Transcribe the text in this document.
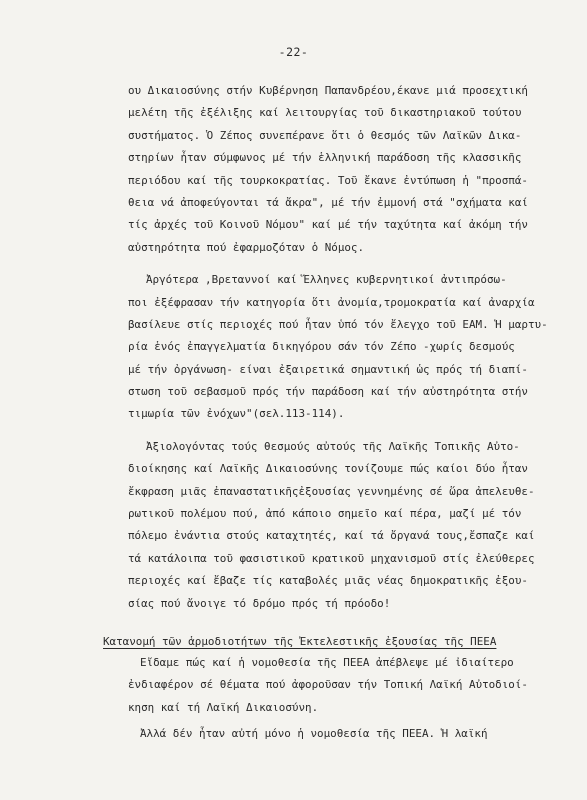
-22-
ου Δικαιοσύνης στήν Κυβέρνηση Παπανδρέου,έκανε μιά προσεχτική
μελέτη τῆς ἐξέλιξης καί λειτουργίας τοῦ δικαστηριακοῦ τούτου
συστήματος. Ὁ Ζέπος συνεπέρανε ὅτι ὁ θεσμός τῶν Λαϊκῶν Δικα-
στηρίων ἦταν σύμφωνος μέ τήν ἑλληνική παράδοση τῆς κλασσικῆς
περιόδου καί τῆς τουρκοκρατίας. Τοῦ ἔκανε ἐντύπωση ἡ "προσπά-
θεια νά ἀποφεύγονται τά ἄκρα", μέ τήν ἐμμονή στά "σχήματα καί
τίς ἀρχές τοῦ Κοινοῦ Νόμου" καί μέ τήν ταχύτητα καί ἀκόμη τήν
αὐστηρότητα πού ἐφαρμοζόταν ὁ Νόμος.
Ἀργότερα ,Βρεταννοί καί Ἕλληνες κυβερνητικοί ἀντιπρόσω-
ποι ἐξέφρασαν τήν κατηγορία ὅτι ἀνομία,τρομοκρατία καί ἀναρχία
βασίλευε στίς περιοχές πού ἦταν ὑπό τόν ἔλεγχο τοῦ ΕΑΜ. Ἡ μαρτυ-
ρία ἑνός ἐπαγγελματία δικηγόρου σάν τόν Ζέπο -χωρίς δεσμούς
μέ τήν ὀργάνωση- είναι ἐξαιρετικά σημαντική ὡς πρός τή διαπί-
στωση τοῦ σεβασμοῦ πρός τήν παράδοση καί τήν αὐστηρότητα στήν
τιμωρία τῶν ἐνόχων"(σελ.113-114).
Ἀξιολογόντας τούς θεσμούς αὐτούς τῆς Λαϊκῆς Τοπικῆς Αὐτο-
διοίκησης καί Λαϊκῆς Δικαιοσύνης τονίζουμε πώς καίοι δύο ἦταν
ἔκφραση μιᾶς ἐπαναστατικῆςἐξουσίας γεννημένης σέ ὥρα ἀπελευθε-
ρωτικοῦ πολέμου πού, ἀπό κάποιο σημεῖο καί πέρα, μαζί μέ τόν
πόλεμο ἐνάντια στούς καταχτητές, καί τά ὄργανά τους,ἔσπαζε καί
τά κατάλοιπα τοῦ φασιστικοῦ κρατικοῦ μηχανισμοῦ στίς ἐλεύθερες
περιοχές καί ἔβαζε τίς καταβολές μιᾶς νέας δημοκρατικῆς ἐξου-
σίας πού ἄνοιγε τό δρόμο πρός τή πρόοδο!
Κατανομή τῶν ἁρμοδιοτήτων τῆς Ἐκτελεστικῆς ἐξουσίας τῆς ΠΕΕΑ
Εἴδαμε πώς καί ἡ νομοθεσία τῆς ΠΕΕΑ ἀπέβλεψε μέ ἰδιαίτερο
ἐνδιαφέρον σέ θέματα πού ἀφοροῦσαν τήν Τοπική Λαϊκή Αὐτοδιοί-
κηση καί τή Λαϊκή Δικαιοσύνη.
Ἀλλά δέν ἦταν αὐτή μόνο ἡ νομοθεσία τῆς ΠΕΕΑ. Ἡ λαϊκή
